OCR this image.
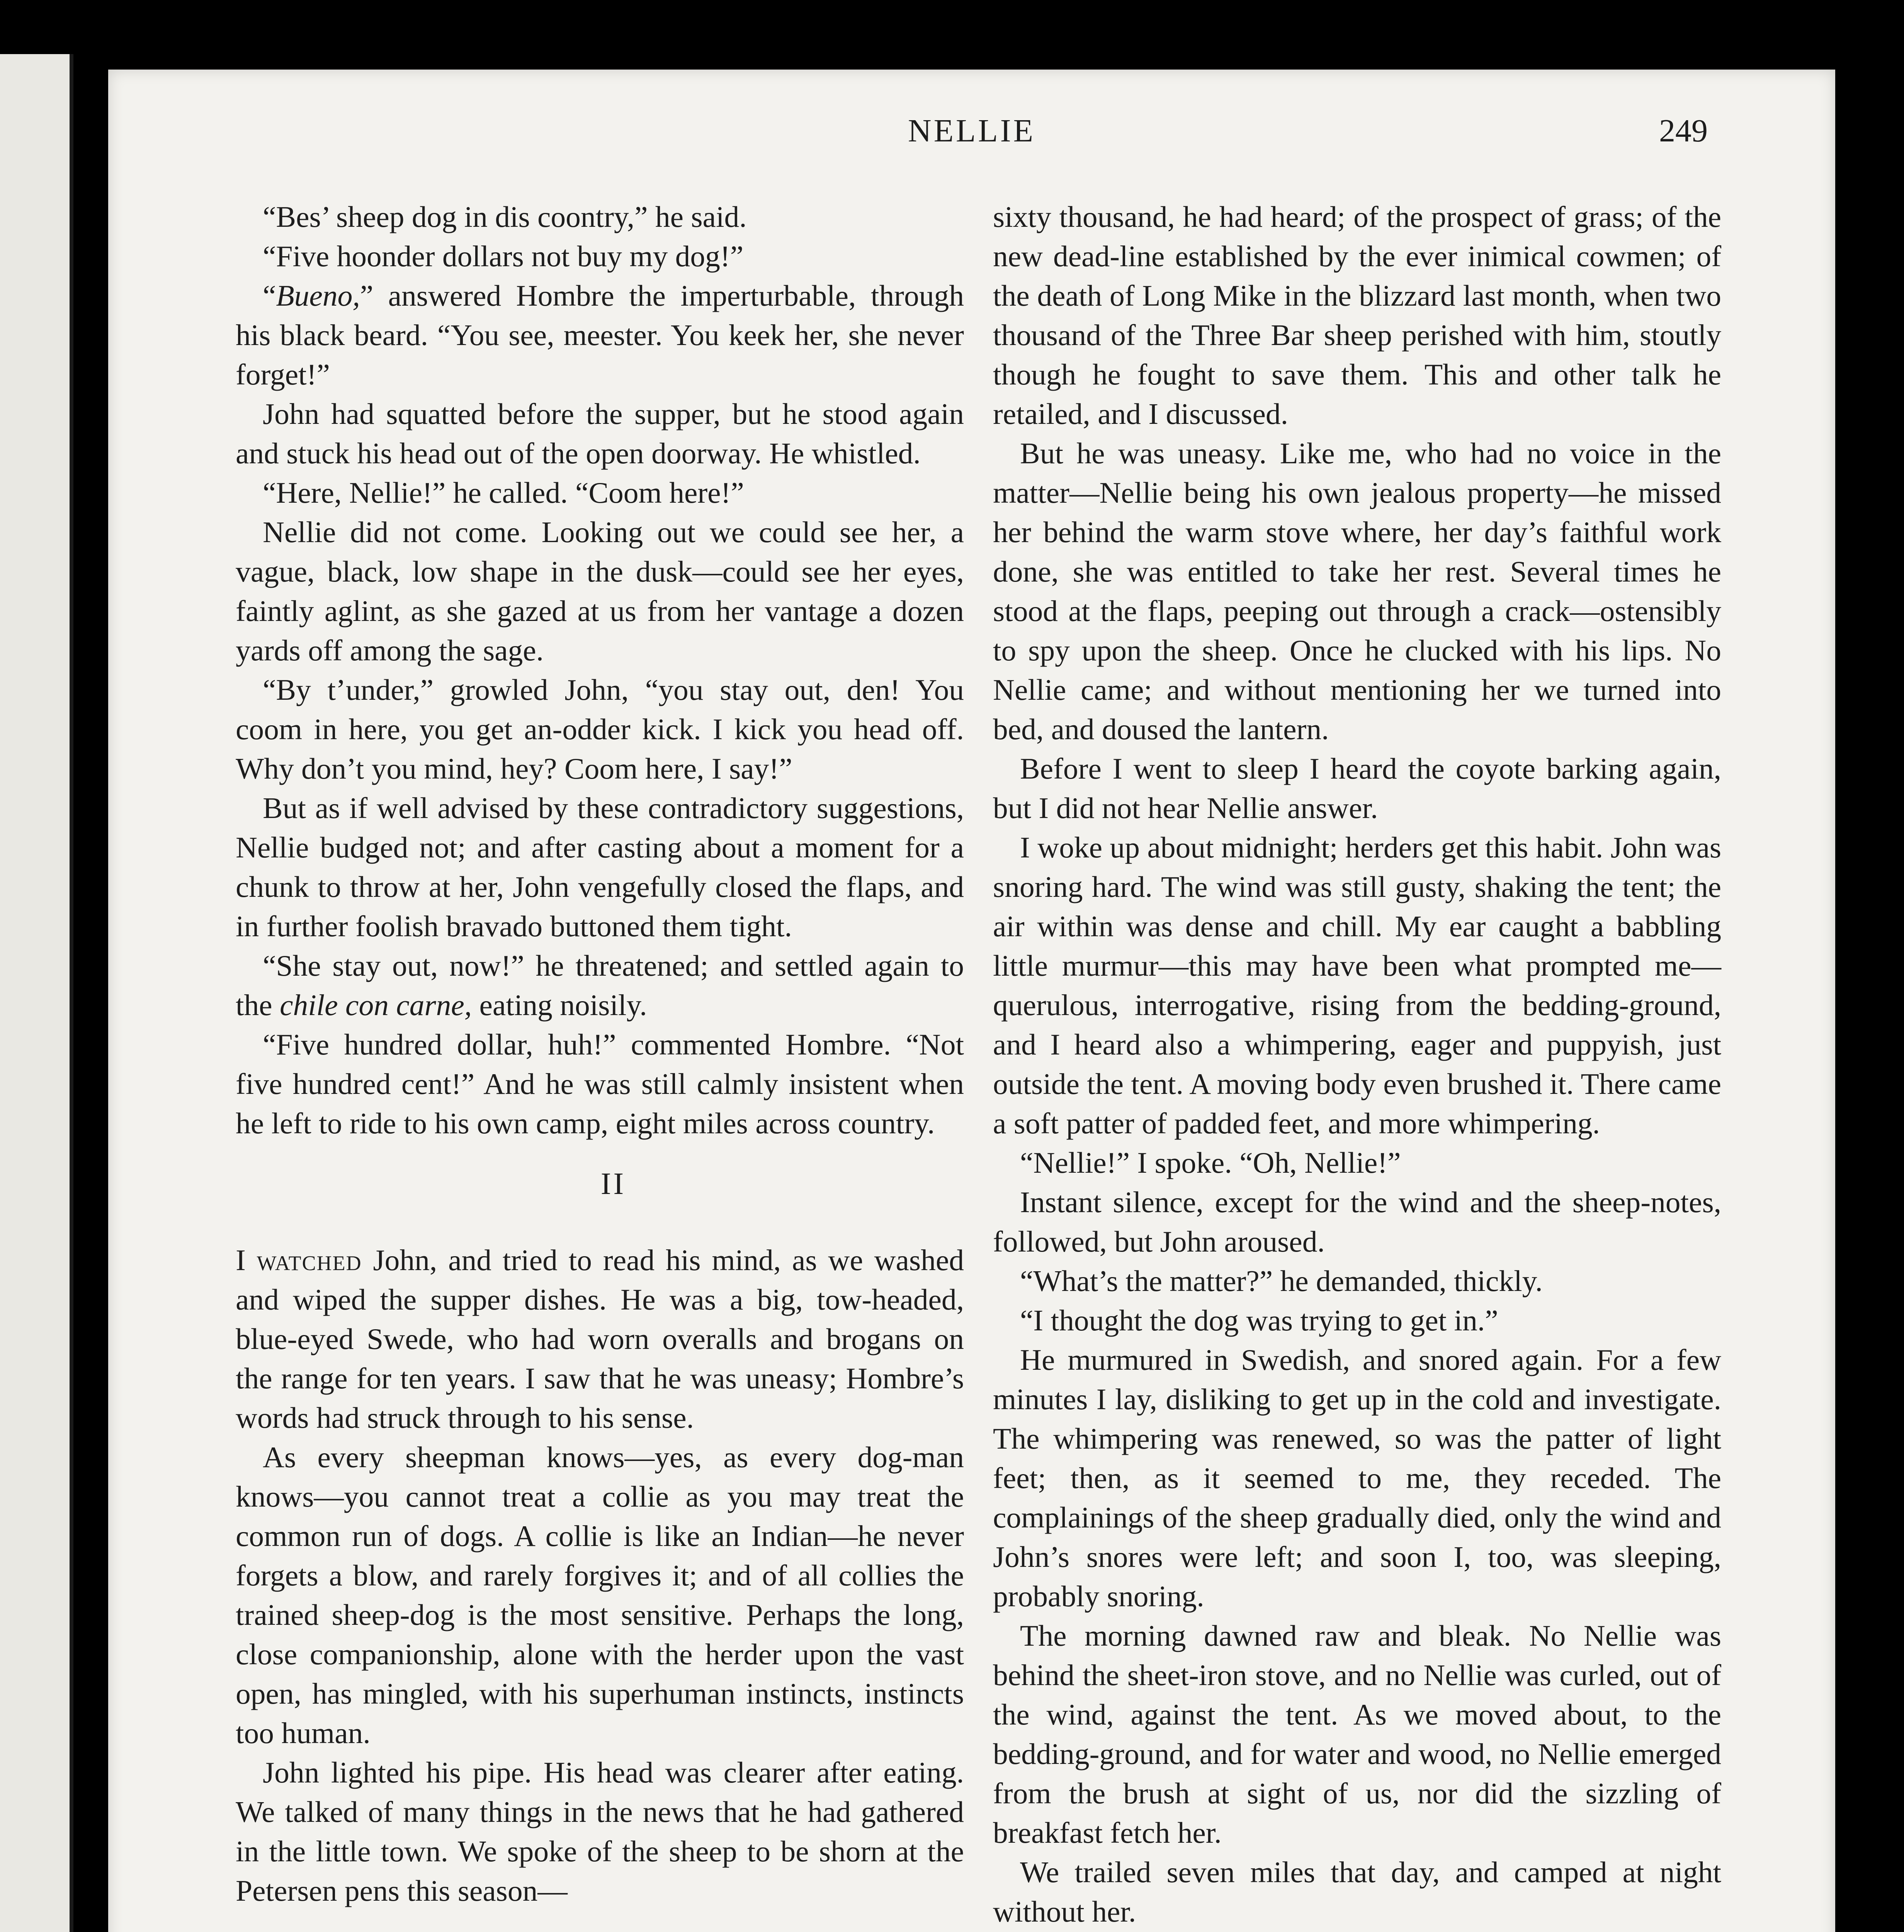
NELLIE	249

“Bes’ sheep dog in dis coontry,” he said.

“Five hoonder dollars not buy my dog!”

“Bueno,” answered Hombre the imperturbable, through his black beard. “You see, meester. You keek her, she never forget!”

John had squatted before the supper, but he stood again and stuck his head out of the open doorway. He whistled.

“Here, Nellie!” he called. “Coom here!”

Nellie did not come. Looking out we could see her, a vague, black, low shape in the dusk—could see her eyes, faintly aglint, as she gazed at us from her vantage a dozen yards off among the sage.

“By t’under,” growled John, “you stay out, den! You coom in here, you get an-odder kick. I kick you head off. Why don’t you mind, hey? Coom here, I say!”

But as if well advised by these contradictory suggestions, Nellie budged not; and after casting about a moment for a chunk to throw at her, John vengefully closed the flaps, and in further foolish bravado buttoned them tight.

“She stay out, now!” he threatened; and settled again to the chile con carne, eating noisily.

“Five hundred dollar, huh!” commented Hombre. “Not five hundred cent!” And he was still calmly insistent when he left to ride to his own camp, eight miles across country.

II

I watched John, and tried to read his mind, as we washed and wiped the supper dishes. He was a big, tow-headed, blue-eyed Swede, who had worn overalls and brogans on the range for ten years. I saw that he was uneasy; Hombre’s words had struck through to his sense.

As every sheepman knows—yes, as every dog-man knows—you cannot treat a collie as you may treat the common run of dogs. A collie is like an Indian—he never forgets a blow, and rarely forgives it; and of all collies the trained sheep-dog is the most sensitive. Perhaps the long, close companionship, alone with the herder upon the vast open, has mingled, with his superhuman instincts, instincts too human.

John lighted his pipe. His head was clearer after eating. We talked of many things in the news that he had gathered in the little town. We spoke of the sheep to be shorn at the Petersen pens this season—

sixty thousand, he had heard; of the prospect of grass; of the new dead-line established by the ever inimical cowmen; of the death of Long Mike in the blizzard last month, when two thousand of the Three Bar sheep perished with him, stoutly though he fought to save them. This and other talk he retailed, and I discussed.

But he was uneasy. Like me, who had no voice in the matter—Nellie being his own jealous property—he missed her behind the warm stove where, her day’s faithful work done, she was entitled to take her rest. Several times he stood at the flaps, peeping out through a crack—ostensibly to spy upon the sheep. Once he clucked with his lips. No Nellie came; and without mentioning her we turned into bed, and doused the lantern.

Before I went to sleep I heard the coyote barking again, but I did not hear Nellie answer.

I woke up about midnight; herders get this habit. John was snoring hard. The wind was still gusty, shaking the tent; the air within was dense and chill. My ear caught a babbling little murmur—this may have been what prompted me—querulous, interrogative, rising from the bedding-ground, and I heard also a whimpering, eager and puppyish, just outside the tent. A moving body even brushed it. There came a soft patter of padded feet, and more whimpering.

“Nellie!” I spoke. “Oh, Nellie!”

Instant silence, except for the wind and the sheep-notes, followed, but John aroused.

“What’s the matter?” he demanded, thickly.

“I thought the dog was trying to get in.”

He murmured in Swedish, and snored again. For a few minutes I lay, disliking to get up in the cold and investigate. The whimpering was renewed, so was the patter of light feet; then, as it seemed to me, they receded. The complainings of the sheep gradually died, only the wind and John’s snores were left; and soon I, too, was sleeping, probably snoring.

The morning dawned raw and bleak. No Nellie was behind the sheet-iron stove, and no Nellie was curled, out of the wind, against the tent. As we moved about, to the bedding-ground, and for water and wood, no Nellie emerged from the brush at sight of us, nor did the sizzling of breakfast fetch her.

We trailed seven miles that day, and camped at night without her.
